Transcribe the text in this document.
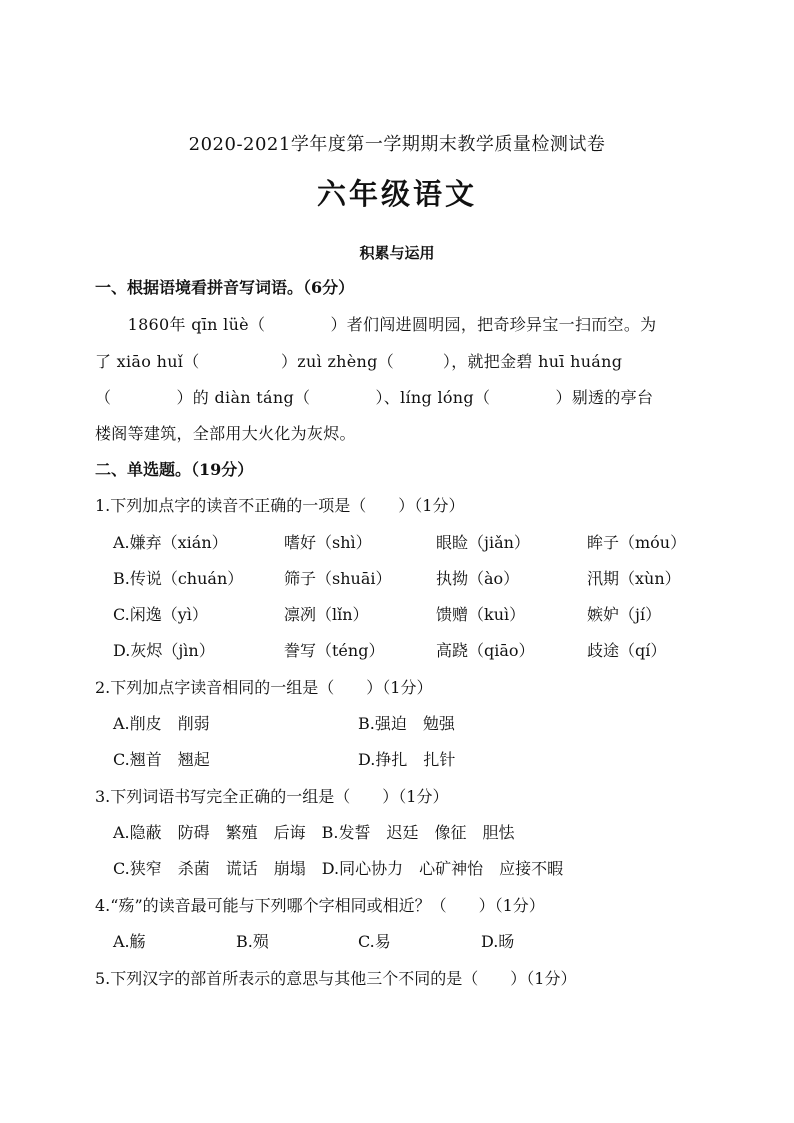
2020-2021学年度第一学期期末教学质量检测试卷
六年级语文
积累与运用
一、根据语境看拼音写词语。（6分）
　　1860年 qīn lüè（　　　　）者们闯进圆明园，把奇珍异宝一扫而空。为
了 xiāo huǐ（　　　　　）zuì zhèng（　　　），就把金碧 huī huáng
（　　　　）的 diàn táng（　　　　）、líng lóng（　　　　）剔透的亭台
楼阁等建筑，全部用大火化为灰烬。
二、单选题。（19分）
1.下列加点字的读音不正确的一项是（　　）（1分）
A.嫌弃（xián）	嗜好（shì）	眼睑（jiǎn）	眸子（móu）
B.传说（chuán）	筛子（shuāi）	执拗（ào）	汛期（xùn）
C.闲逸（yì）	凛冽（lǐn）	馈赠（kuì）	嫉妒（jí）
D.灰烬（jìn）	誊写（téng）	高跷（qiāo）	歧途（qí）
2.下列加点字读音相同的一组是（　　）（1分）
A.削皮　削弱	B.强迫　勉强
C.翘首　翘起	D.挣扎　扎针
3.下列词语书写完全正确的一组是（　　）（1分）
A.隐蔽　防碍　繁殖　后诲　B.发誓　迟廷　像征　胆怯
C.狭窄　杀菌　谎话　崩塌　D.同心协力　心矿神怡　应接不暇
4.“殇”的读音最可能与下列哪个字相同或相近？（　　）（1分）
A.觞	B.殒	C.易	D.旸
5.下列汉字的部首所表示的意思与其他三个不同的是（　　）（1分）
